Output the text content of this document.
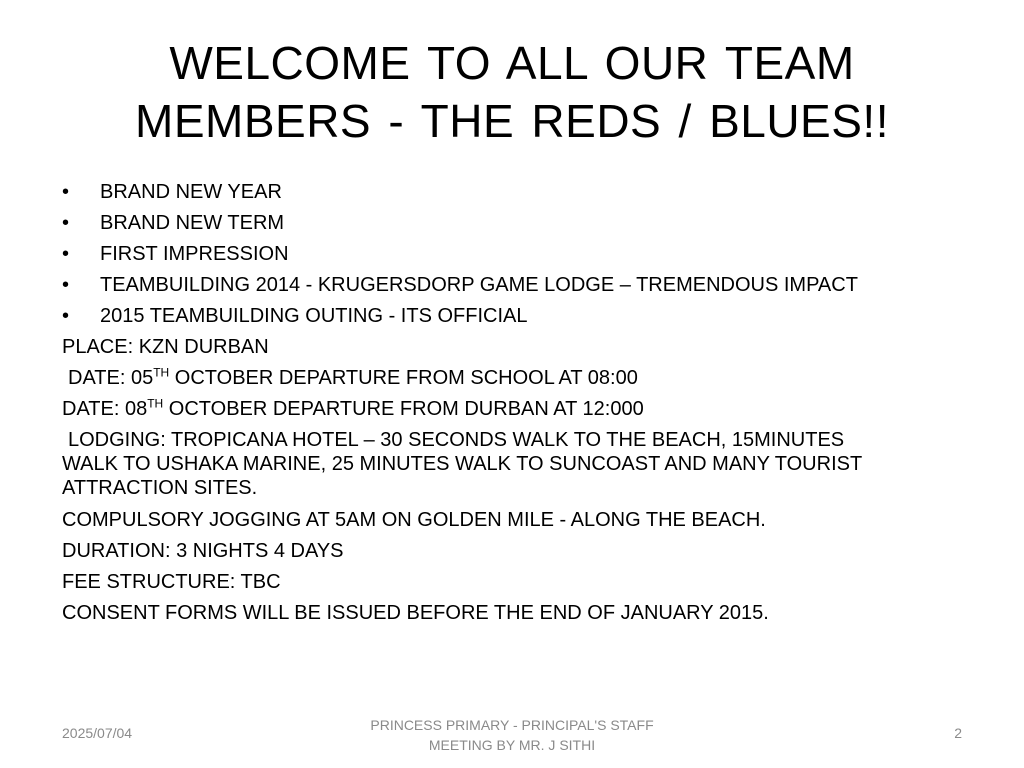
WELCOME TO ALL OUR TEAM
MEMBERS - THE REDS / BLUES!!
• BRAND NEW YEAR
• BRAND NEW TERM
• FIRST IMPRESSION
• TEAMBUILDING 2014 - KRUGERSDORP GAME LODGE – TREMENDOUS IMPACT
• 2015 TEAMBUILDING OUTING - ITS OFFICIAL
PLACE: KZN DURBAN
DATE: 05TH OCTOBER DEPARTURE FROM SCHOOL AT 08:00
DATE: 08TH OCTOBER DEPARTURE FROM DURBAN AT 12:000
LODGING: TROPICANA HOTEL – 30 SECONDS WALK TO THE BEACH, 15MINUTES
WALK TO USHAKA MARINE, 25 MINUTES WALK TO SUNCOAST AND MANY TOURIST
ATTRACTION SITES.
COMPULSORY JOGGING AT 5AM ON GOLDEN MILE - ALONG THE BEACH.
DURATION: 3 NIGHTS 4 DAYS
FEE STRUCTURE: TBC
CONSENT FORMS WILL BE ISSUED BEFORE THE END OF JANUARY 2015.
2025/07/04	PRINCESS PRIMARY - PRINCIPAL'S STAFF
MEETING BY MR. J SITHI
2
